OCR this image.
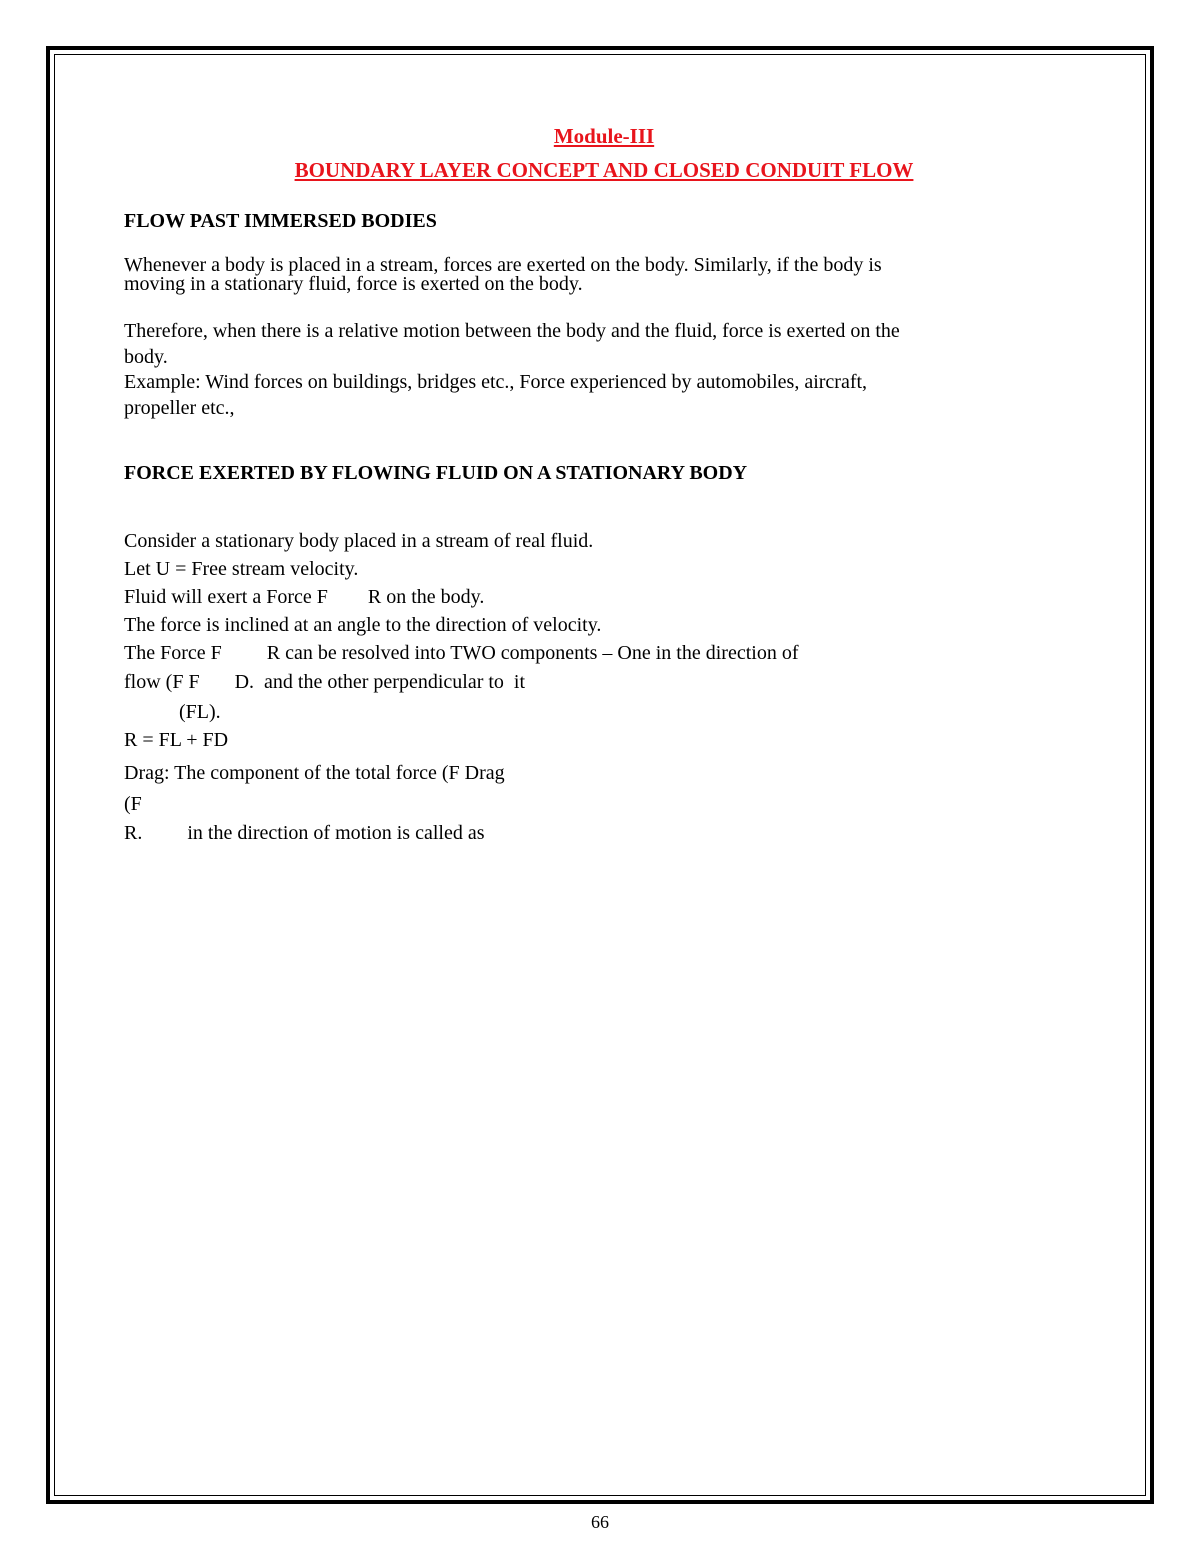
Module-III
BOUNDARY LAYER CONCEPT AND CLOSED CONDUIT FLOW
FLOW PAST IMMERSED BODIES
Whenever a body is placed in a stream, forces are exerted on the body. Similarly, if the body is
moving in a stationary fluid, force is exerted on the body.
Therefore, when there is a relative motion between the body and the fluid, force is exerted on the
body.
Example: Wind forces on buildings, bridges etc., Force experienced by automobiles, aircraft,
propeller etc.,
FORCE EXERTED BY FLOWING FLUID ON A STATIONARY BODY
Consider a stationary body placed in a stream of real fluid.
Let U = Free stream velocity.
Fluid will exert a Force F        R on the body.
The force is inclined at an angle to the direction of velocity.
The Force F         R can be resolved into TWO components – One in the direction of
flow (F F       D.  and the other perpendicular to  it
(FL).
R = FL + FD
Drag: The component of the total force (F Drag
(F
R.         in the direction of motion is called as
66
